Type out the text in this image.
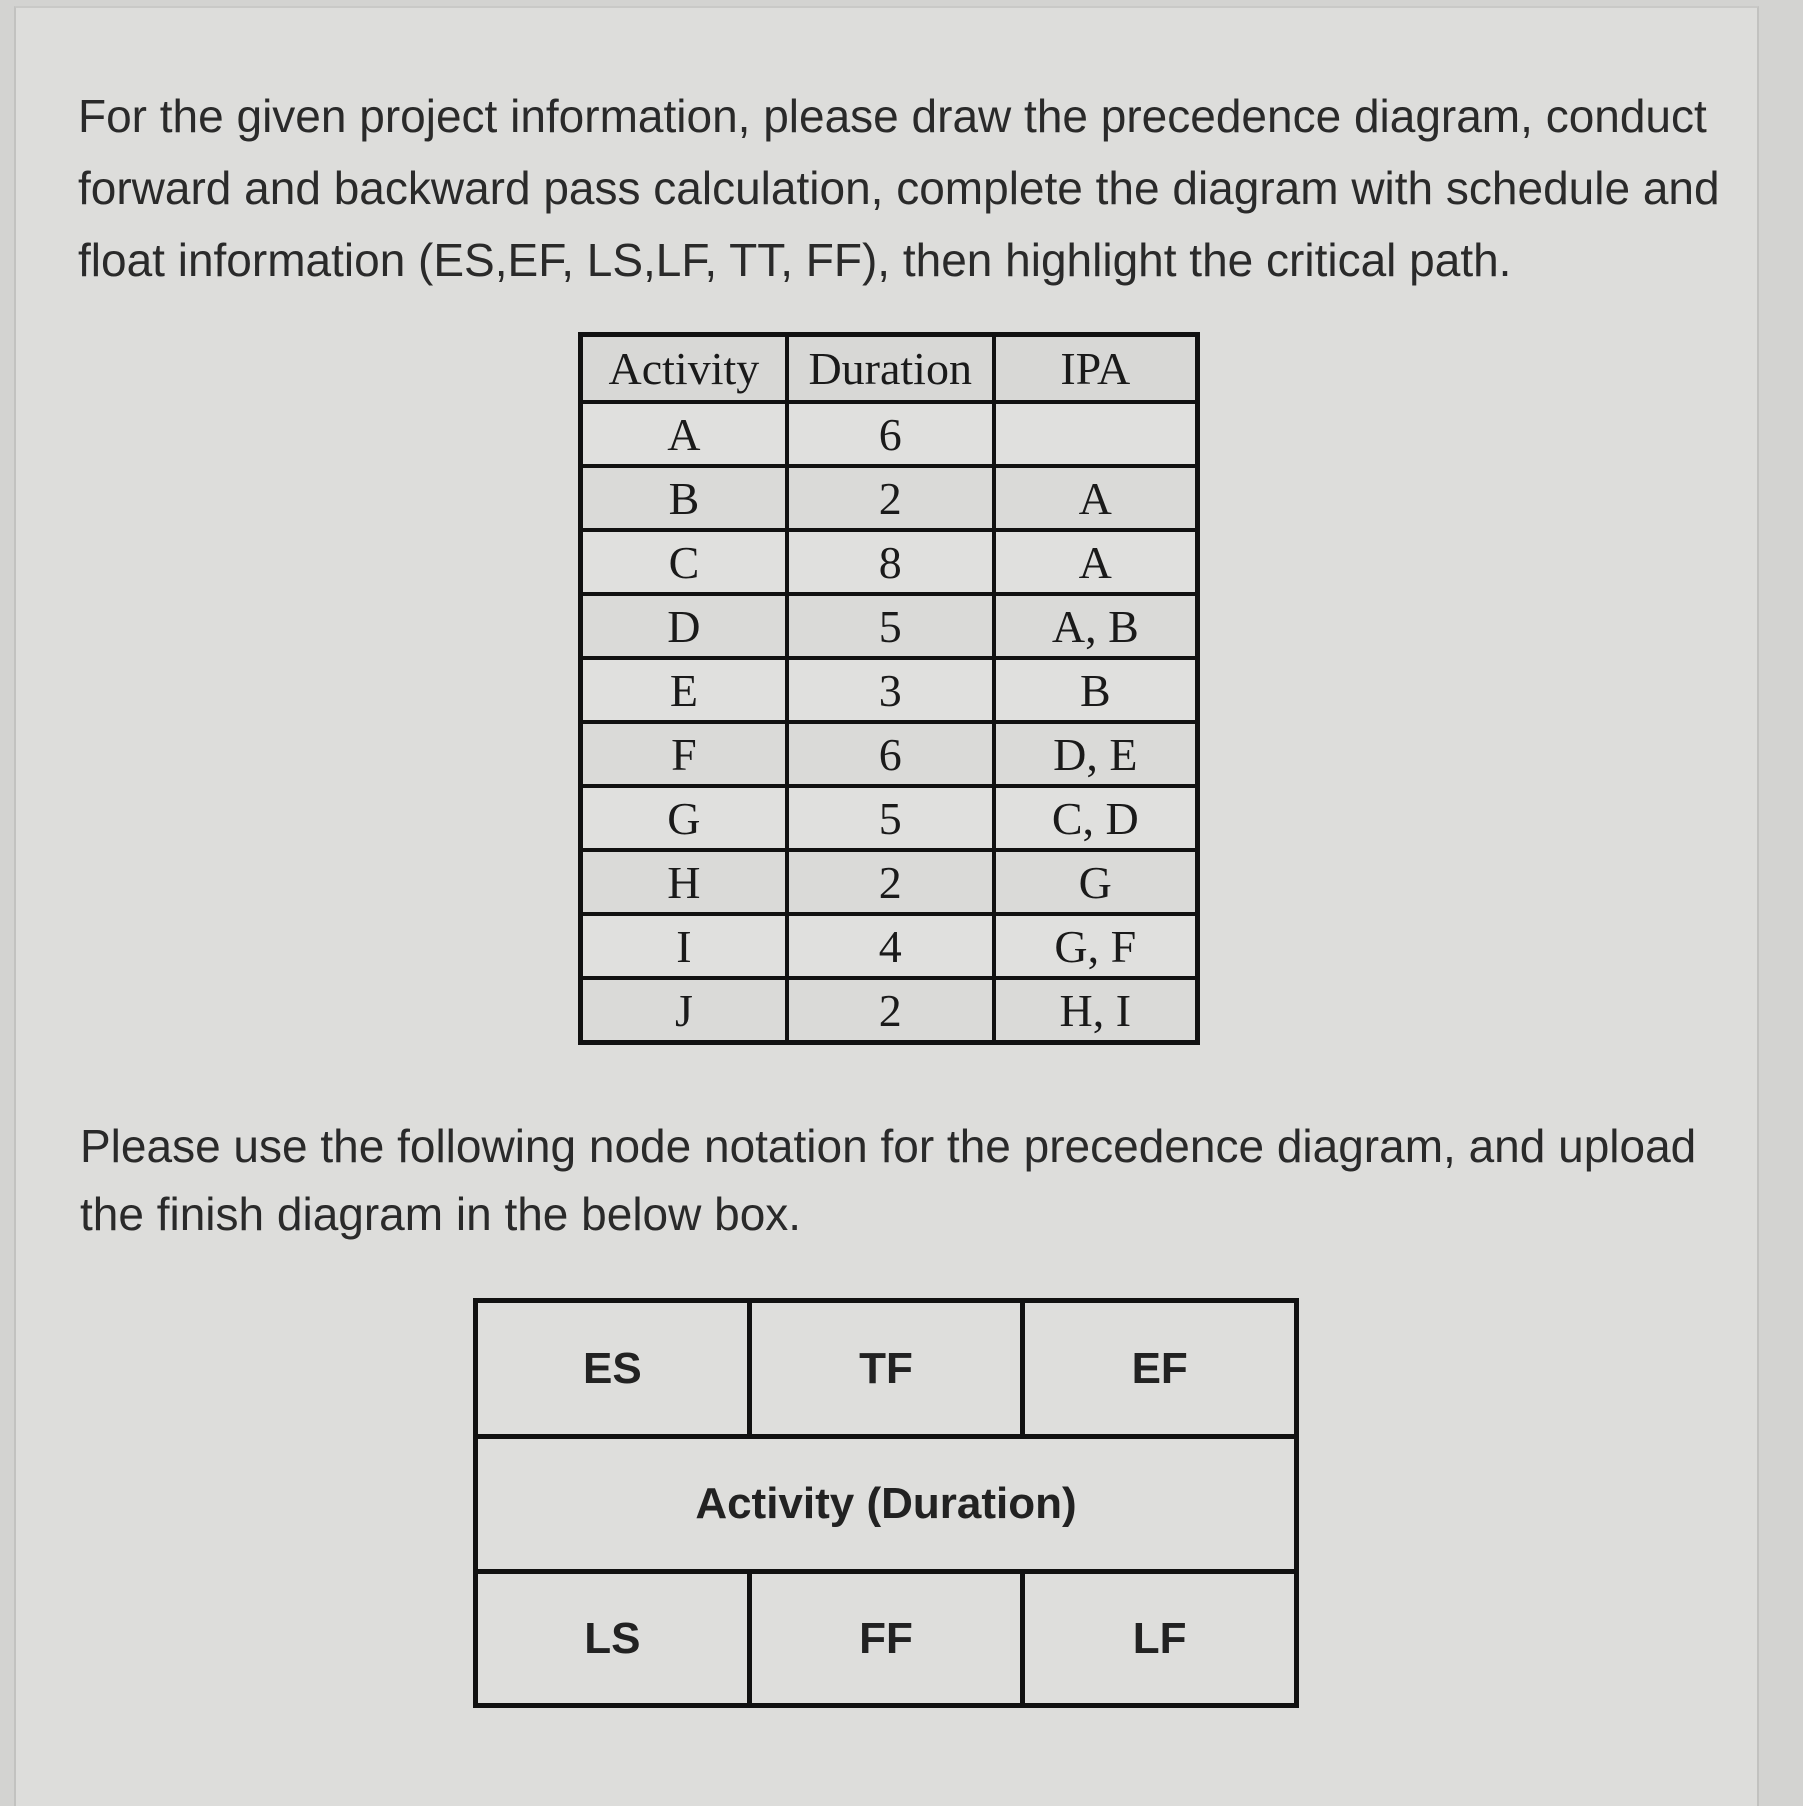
For the given project information, please draw the precedence diagram, conduct forward and backward pass calculation, complete the diagram with schedule and float information (ES,EF, LS,LF, TT, FF), then highlight the critical path.

Activity	Duration	IPA
A	6	
B	2	A
C	8	A
D	5	A, B
E	3	B
F	6	D, E
G	5	C, D
H	2	G
I	4	G, F
J	2	H, I

Please use the following node notation for the precedence diagram, and upload the finish diagram in the below box.

ES	TF	EF
Activity (Duration)
LS	FF	LF
